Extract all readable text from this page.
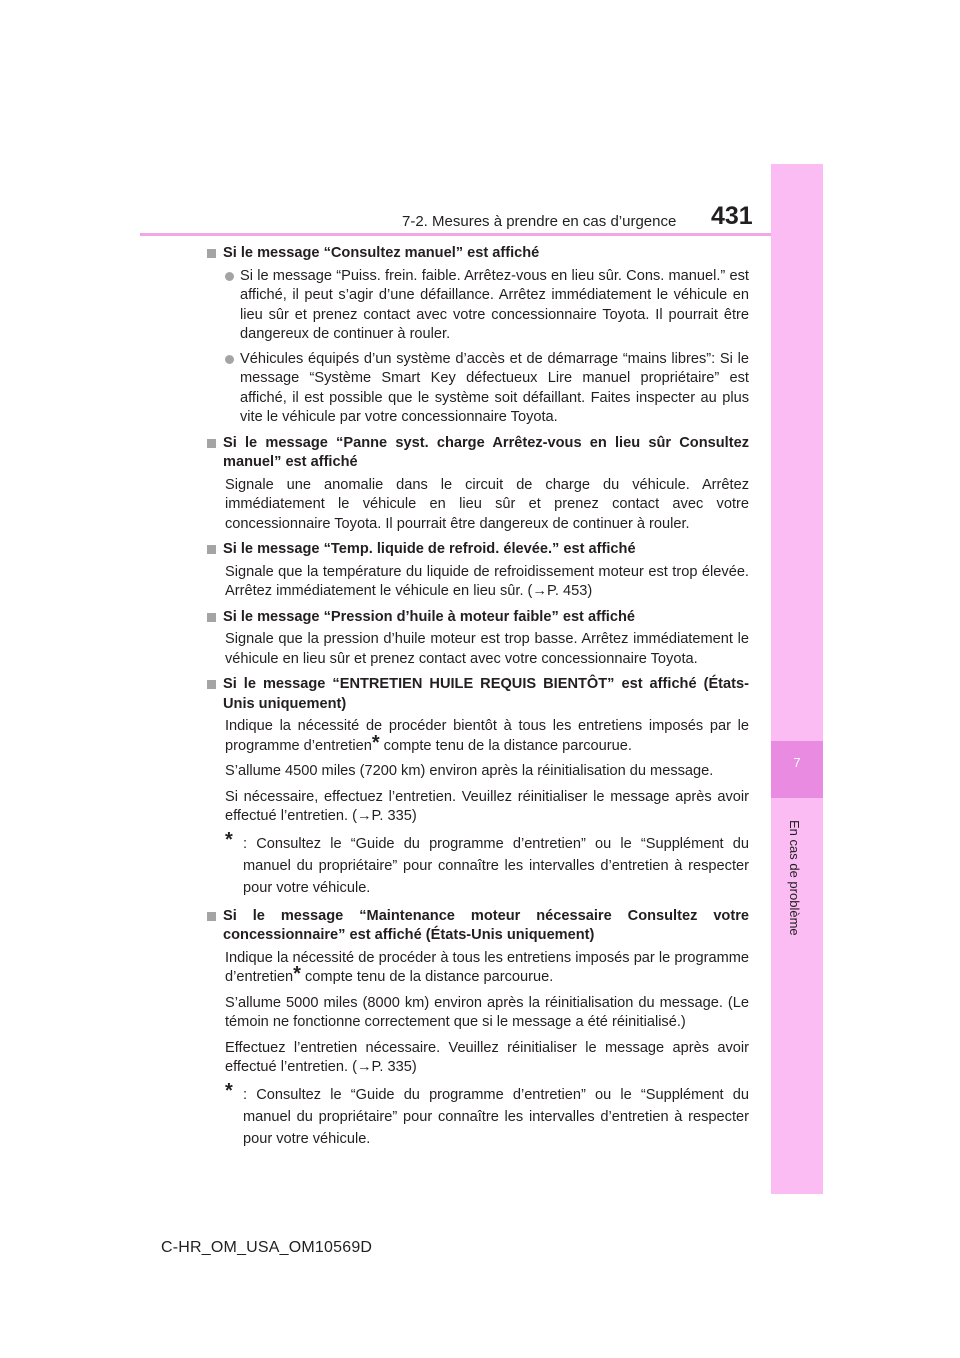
7-2. Mesures à prendre en cas d’urgence 431
7
En cas de problème
Si le message “Consultez manuel” est affiché
Si le message “Puiss. frein. faible. Arrêtez-vous en lieu sûr. Cons. manuel.” est affiché, il peut s’agir d’une défaillance. Arrêtez immédiatement le véhicule en lieu sûr et prenez contact avec votre concessionnaire Toyota. Il pourrait être dangereux de continuer à rouler.
Véhicules équipés d’un système d’accès et de démarrage “mains libres”: Si le message “Système Smart Key défectueux Lire manuel propriétaire” est affiché, il est possible que le système soit défaillant. Faites inspecter au plus vite le véhicule par votre concessionnaire Toyota.
Si le message “Panne syst. charge Arrêtez-vous en lieu sûr Consultez manuel” est affiché
Signale une anomalie dans le circuit de charge du véhicule. Arrêtez immédiatement le véhicule en lieu sûr et prenez contact avec votre concessionnaire Toyota. Il pourrait être dangereux de continuer à rouler.
Si le message “Temp. liquide de refroid. élevée.” est affiché
Signale que la température du liquide de refroidissement moteur est trop élevée. Arrêtez immédiatement le véhicule en lieu sûr. (→P. 453)
Si le message “Pression d’huile à moteur faible” est affiché
Signale que la pression d’huile moteur est trop basse. Arrêtez immédiatement le véhicule en lieu sûr et prenez contact avec votre concessionnaire Toyota.
Si le message “ENTRETIEN HUILE REQUIS BIENTÔT” est affiché (États-Unis uniquement)
Indique la nécessité de procéder bientôt à tous les entretiens imposés par le programme d’entretien* compte tenu de la distance parcourue.
S’allume 4500 miles (7200 km) environ après la réinitialisation du message.
Si nécessaire, effectuez l’entretien. Veuillez réinitialiser le message après avoir effectué l’entretien. (→P. 335)
* : Consultez le “Guide du programme d’entretien” ou le “Supplément du manuel du propriétaire” pour connaître les intervalles d’entretien à respecter pour votre véhicule.
Si le message “Maintenance moteur nécessaire Consultez votre concessionnaire” est affiché (États-Unis uniquement)
Indique la nécessité de procéder à tous les entretiens imposés par le programme d’entretien* compte tenu de la distance parcourue.
S’allume 5000 miles (8000 km) environ après la réinitialisation du message. (Le témoin ne fonctionne correctement que si le message a été réinitialisé.)
Effectuez l’entretien nécessaire. Veuillez réinitialiser le message après avoir effectué l’entretien. (→P. 335)
* : Consultez le “Guide du programme d’entretien” ou le “Supplément du manuel du propriétaire” pour connaître les intervalles d’entretien à respecter pour votre véhicule.
C-HR_OM_USA_OM10569D
